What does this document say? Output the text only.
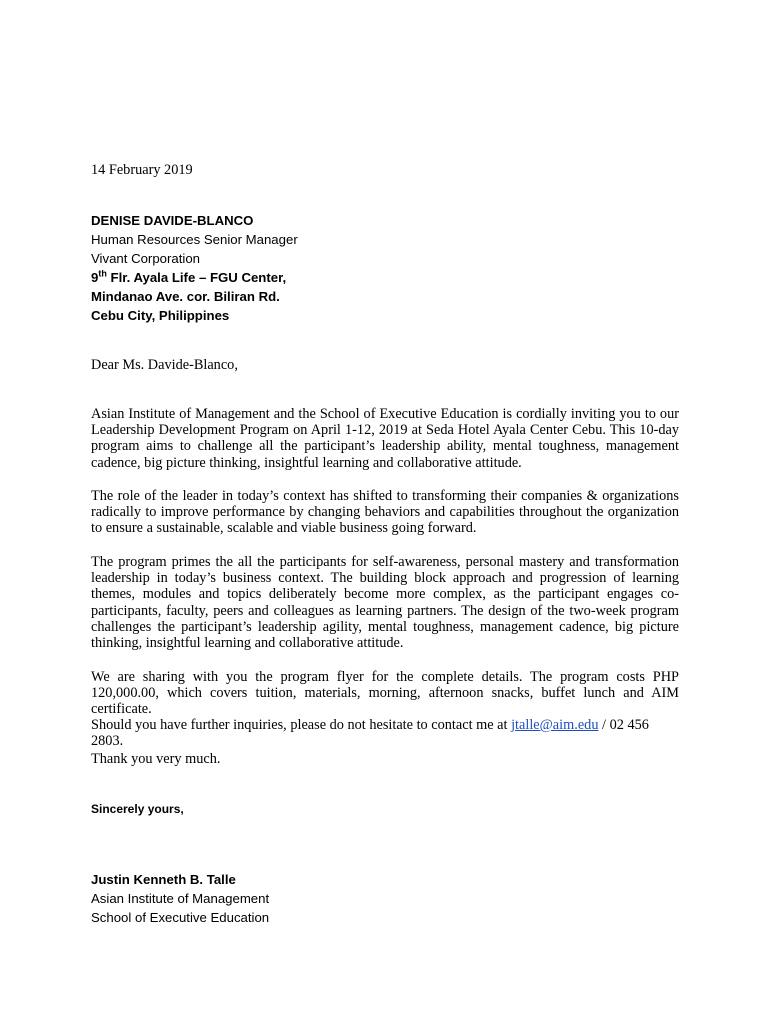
14 February 2019
DENISE DAVIDE-BLANCO
Human Resources Senior Manager
Vivant Corporation
9th Flr. Ayala Life – FGU Center,
Mindanao Ave. cor. Biliran Rd.
Cebu City, Philippines
Dear Ms. Davide-Blanco,

Asian Institute of Management and the School of Executive Education is cordially inviting you to our Leadership Development Program on April 1-12, 2019 at Seda Hotel Ayala Center Cebu. This 10-day program aims to challenge all the participant’s leadership ability, mental toughness, management cadence, big picture thinking, insightful learning and collaborative attitude.

The role of the leader in today’s context has shifted to transforming their companies & organizations radically to improve performance by changing behaviors and capabilities throughout the organization to ensure a sustainable, scalable and viable business going forward.

The program primes the all the participants for self-awareness, personal mastery and transformation leadership in today’s business context. The building block approach and progression of learning themes, modules and topics deliberately become more complex, as the participant engages co-participants, faculty, peers and colleagues as learning partners. The design of the two-week program challenges the participant’s leadership agility, mental toughness, management cadence, big picture thinking, insightful learning and collaborative attitude.

We are sharing with you the program flyer for the complete details. The program costs PHP 120,000.00, which covers tuition, materials, morning, afternoon snacks, buffet lunch and AIM certificate.

Should you have further inquiries, please do not hesitate to contact me at jtalle@aim.edu / 02 456 2803.

Thank you very much.
Sincerely yours,
Justin Kenneth B. Talle
Asian Institute of Management
School of Executive Education
